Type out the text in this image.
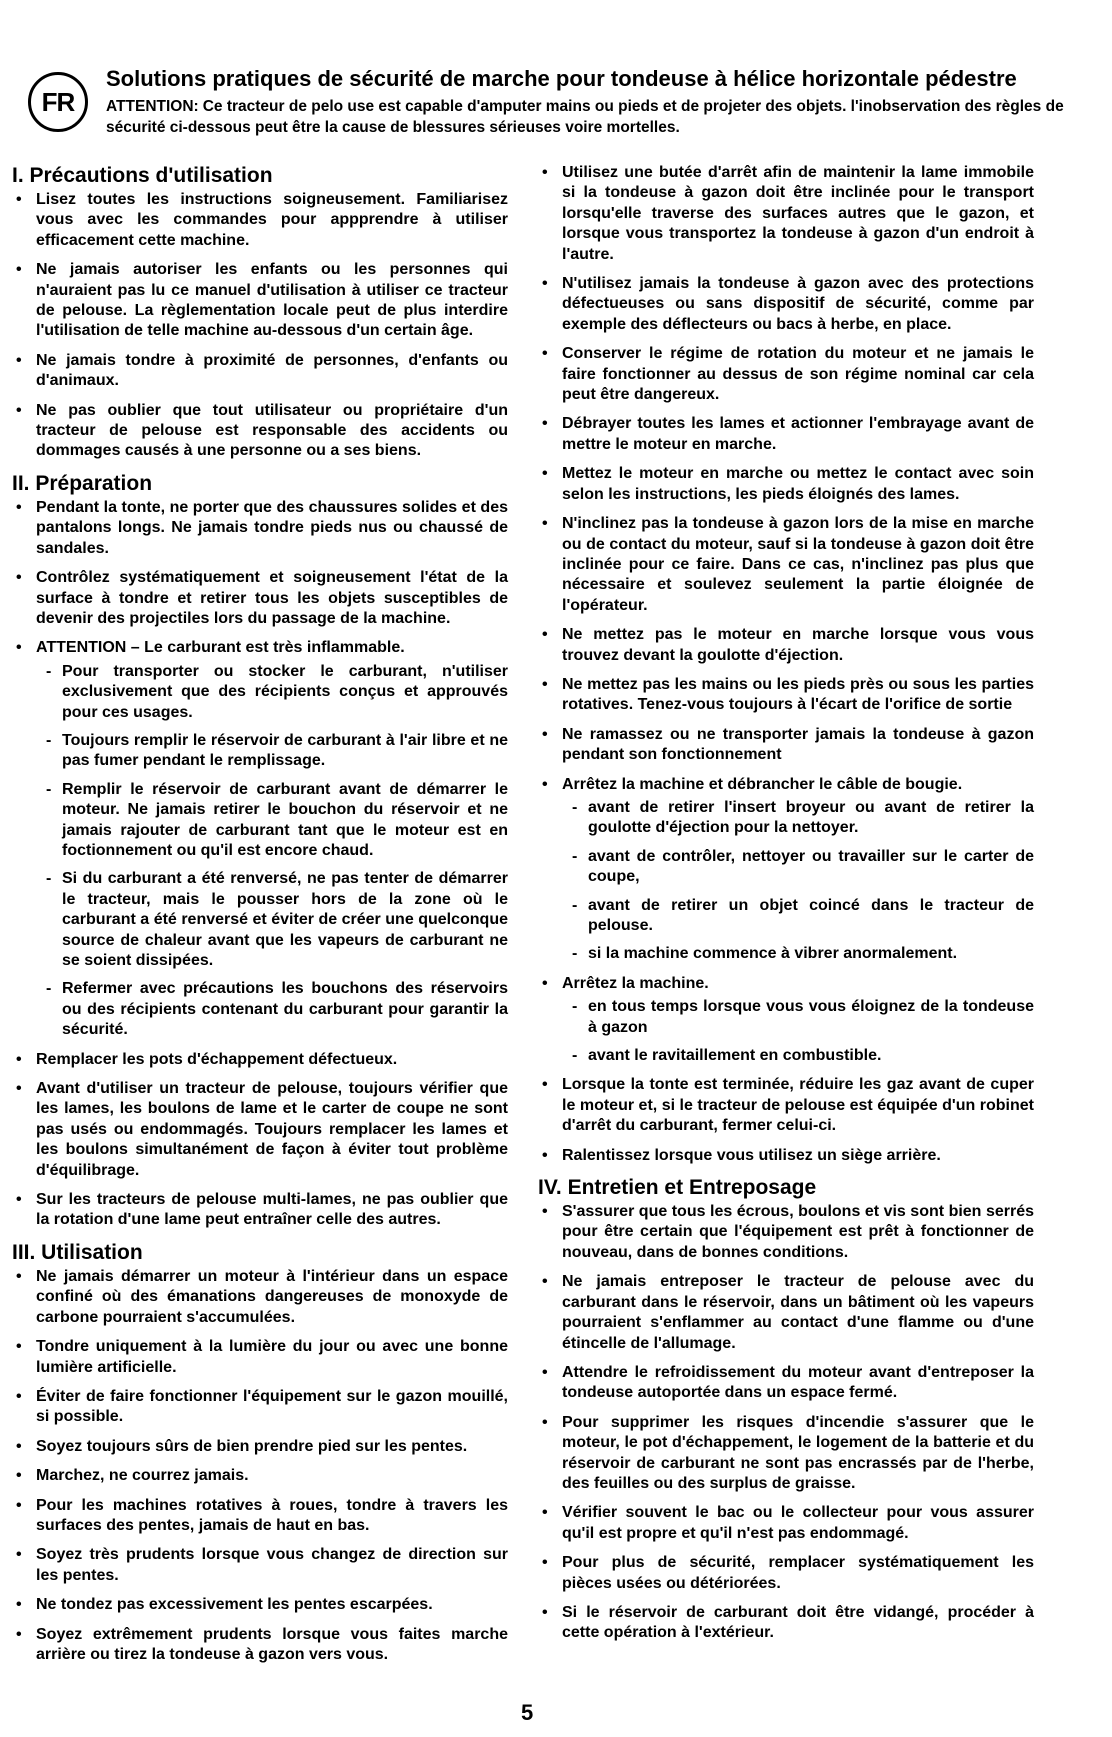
FR
Solutions pratiques de sécurité de marche pour tondeuse à hélice horizontale pédestre
ATTENTION: Ce tracteur de pelo use est capable d'amputer mains ou pieds et de projeter des objets. l'inobservation des règles de sécurité ci-dessous peut être la cause de blessures sérieuses voire mortelles.
I. Précautions d'utilisation
• Lisez toutes les instructions soigneusement. Familiarisez vous avec les commandes pour appprendre à utiliser efficacement cette machine.
• Ne jamais autoriser les enfants ou les personnes qui n'auraient pas lu ce manuel d'utilisation à utiliser ce tracteur de pelouse. La règlementation locale peut de plus interdire l'utilisation de telle machine au-dessous d'un certain âge.
• Ne jamais tondre à proximité de personnes, d'enfants ou d'animaux.
• Ne pas oublier que tout utilisateur ou propriétaire d'un tracteur de pelouse est responsable des accidents ou dommages causés à une personne ou a ses biens.
II. Préparation
• Pendant la tonte, ne porter que des chaussures solides et des pantalons longs. Ne jamais tondre pieds nus ou chaussé de sandales.
• Contrôlez systématiquement et soigneusement l'état de la surface à tondre et retirer tous les objets susceptibles de devenir des projectiles lors du passage de la machine.
• ATTENTION – Le carburant est très inflammable.
- Pour transporter ou stocker le carburant, n'utiliser exclusivement que des récipients conçus et approuvés pour ces usages.
- Toujours remplir le réservoir de carburant à l'air libre et ne pas fumer pendant le remplissage.
- Remplir le réservoir de carburant avant de démarrer le moteur. Ne jamais retirer le bouchon du réservoir et ne jamais rajouter de carburant tant que le moteur est en foctionnement ou qu'il est encore chaud.
- Si du carburant a été renversé, ne pas tenter de démarrer le tracteur, mais le pousser hors de la zone où le carburant a été renversé et éviter de créer une quelconque source de chaleur avant que les vapeurs de carburant ne se soient dissipées.
- Refermer avec précautions les bouchons des réservoirs ou des récipients contenant du carburant pour garantir la sécurité.
• Remplacer les pots d'échappement défectueux.
• Avant d'utiliser un tracteur de pelouse, toujours vérifier que les lames, les boulons de lame et le carter de coupe ne sont pas usés ou endommagés. Toujours remplacer les lames et les boulons simultanément de façon à éviter tout problème d'équilibrage.
• Sur les tracteurs de pelouse multi-lames, ne pas oublier que la rotation d'une lame peut entraîner celle des autres.
III. Utilisation
• Ne jamais démarrer un moteur à l'intérieur dans un espace confiné où des émanations dangereuses de monoxyde de carbone pourraient s'accumulées.
• Tondre uniquement à la lumière du jour ou avec une bonne lumière artificielle.
• Éviter de faire fonctionner l'équipement sur le gazon mouillé, si possible.
• Soyez toujours sûrs de bien prendre pied sur les pentes.
• Marchez, ne courrez jamais.
• Pour les machines rotatives à roues, tondre à travers les surfaces des pentes, jamais de haut en bas.
• Soyez très prudents lorsque vous changez de direction sur les pentes.
• Ne tondez pas excessivement les pentes escarpées.
• Soyez extrêmement prudents lorsque vous faites marche arrière ou tirez la tondeuse à gazon vers vous.
• Utilisez une butée d'arrêt afin de maintenir la lame immobile si la tondeuse à gazon doit être inclinée pour le transport lorsqu'elle traverse des surfaces autres que le gazon, et lorsque vous transportez la tondeuse à gazon d'un endroit à l'autre.
• N'utilisez jamais la tondeuse à gazon avec des protections défectueuses ou sans dispositif de sécurité, comme par exemple des déflecteurs ou bacs à herbe, en place.
• Conserver le régime de rotation du moteur et ne jamais le faire fonctionner au dessus de son régime nominal car cela peut être dangereux.
• Débrayer toutes les lames et actionner l'embrayage avant de mettre le moteur en marche.
• Mettez le moteur en marche ou mettez le contact avec soin selon les instructions, les pieds éloignés des lames.
• N'inclinez pas la tondeuse à gazon lors de la mise en marche ou de contact du moteur, sauf si la tondeuse à gazon doit être inclinée pour ce faire. Dans ce cas, n'inclinez pas plus que nécessaire et soulevez seulement la partie éloignée de l'opérateur.
• Ne mettez pas le moteur en marche lorsque vous vous trouvez devant la goulotte d'éjection.
• Ne mettez pas les mains ou les pieds près ou sous les parties rotatives. Tenez-vous toujours à l'écart de l'orifice de sortie
• Ne ramassez ou ne transporter jamais la tondeuse à gazon pendant son fonctionnement
• Arrêtez la machine et débrancher le câble de bougie.
- avant de retirer l'insert broyeur ou avant de retirer la goulotte d'éjection pour la nettoyer.
- avant de contrôler, nettoyer ou travailler sur le carter de coupe,
- avant de retirer un objet coincé dans le tracteur de pelouse.
- si la machine commence à vibrer anormalement.
• Arrêtez la machine.
- en tous temps lorsque vous vous éloignez de la tondeuse à gazon
- avant le ravitaillement en combustible.
• Lorsque la tonte est terminée, réduire les gaz avant de cuper le moteur et, si le tracteur de pelouse est équipée d'un robinet d'arrêt du carburant, fermer celui-ci.
• Ralentissez lorsque vous utilisez un siège arrière.
IV. Entretien et Entreposage
• S'assurer que tous les écrous, boulons et vis sont bien serrés pour être certain que l'équipement est prêt à fonctionner de nouveau, dans de bonnes conditions.
• Ne jamais entreposer le tracteur de pelouse avec du carburant dans le réservoir, dans un bâtiment où les vapeurs pourraient s'enflammer au contact d'une flamme ou d'une étincelle de l'allumage.
• Attendre le refroidissement du moteur avant d'entreposer la tondeuse autoportée dans un espace fermé.
• Pour supprimer les risques d'incendie s'assurer que le moteur, le pot d'échappement, le logement de la batterie et du réservoir de carburant ne sont pas encrassés par de l'herbe, des feuilles ou des surplus de graisse.
• Vérifier souvent le bac ou le collecteur pour vous assurer qu'il est propre et qu'il n'est pas endommagé.
• Pour plus de sécurité, remplacer systématiquement les pièces usées ou détériorées.
• Si le réservoir de carburant doit être vidangé, procéder à cette opération à l'extérieur.
5
